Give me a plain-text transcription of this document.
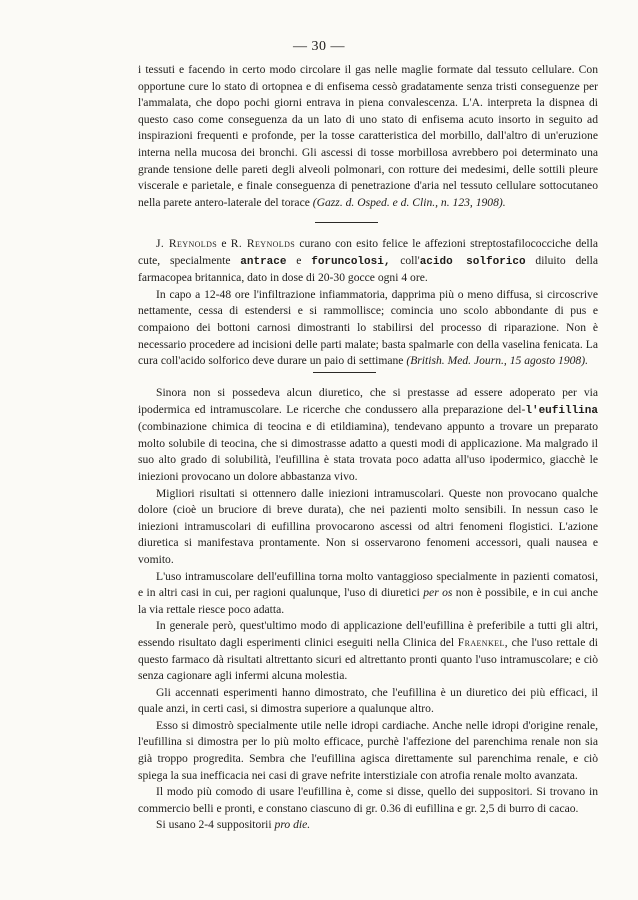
— 30 —

i tessuti e facendo in certo modo circolare il gas nelle maglie formate dal tessuto cellulare. Con opportune cure lo stato di ortopnea e di enfisema cessò gradatamente senza tristi conseguenze per l'ammalata, che dopo pochi giorni entrava in piena convalescenza. L'A. interpreta la dispnea di questo caso come conseguenza da un lato di uno stato di enfisema acuto insorto in seguito ad inspirazioni frequenti e profonde, per la tosse caratteristica del morbillo, dall'altro di un'eruzione interna nella mucosa dei bronchi. Gli ascessi di tosse morbillosa avrebbero poi determinato una grande tensione delle pareti degli alveoli polmonari, con rotture dei medesimi, delle sottili pleure viscerale e parietale, e finale conseguenza di penetrazione d'aria nel tessuto cellulare sottocutaneo nella parete antero-laterale del torace (Gazz. d. Osped. e d. Clin., n. 123, 1908).

J. Reynolds e R. Reynolds curano con esito felice le affezioni streptostafilococciche della cute, specialmente antrace e foruncolosi, coll'acido solforico diluito della farmacopea britannica, dato in dose di 20-30 gocce ogni 4 ore.

In capo a 12-48 ore l'infiltrazione infiammatoria, dapprima più o meno diffusa, si circoscrive nettamente, cessa di estendersi e si rammollisce; comincia uno scolo abbondante di pus e compaiono dei bottoni carnosi dimostranti lo stabilirsi del processo di riparazione. Non è necessario procedere ad incisioni delle parti malate; basta spalmarle con della vaselina fenicata. La cura coll'acido solforico deve durare un paio di settimane (British. Med. Journ., 15 agosto 1908).

Sinora non si possedeva alcun diuretico, che si prestasse ad essere adoperato per via ipodermica ed intramuscolare. Le ricerche che condussero alla preparazione del-l'eufillina (combinazione chimica di teocina e di etildiamina), tendevano appunto a trovare un preparato molto solubile di teocina, che si dimostrasse adatto a questi modi di applicazione. Ma malgrado il suo alto grado di solubilità, l'eufillina è stata trovata poco adatta all'uso ipodermico, giacchè le iniezioni provocano un dolore abbastanza vivo.

Migliori risultati si ottennero dalle iniezioni intramuscolari. Queste non provocano qualche dolore (cioè un bruciore di breve durata), che nei pazienti molto sensibili. In nessun caso le iniezioni intramuscolari di eufillina provocarono ascessi od altri fenomeni flogistici. L'azione diuretica si manifestava prontamente. Non si osservarono fenomeni accessori, quali nausea e vomito.

L'uso intramuscolare dell'eufillina torna molto vantaggioso specialmente in pazienti comatosi, e in altri casi in cui, per ragioni qualunque, l'uso di diuretici per os non è possibile, e in cui anche la via rettale riesce poco adatta.

In generale però, quest'ultimo modo di applicazione dell'eufillina è preferibile a tutti gli altri, essendo risultato dagli esperimenti clinici eseguiti nella Clinica del Fraenkel, che l'uso rettale di questo farmaco dà risultati altrettanto sicuri ed altrettanto pronti quanto l'uso intramuscolare; e ciò senza cagionare agli infermi alcuna molestia.

Gli accennati esperimenti hanno dimostrato, che l'eufillina è un diuretico dei più efficaci, il quale anzi, in certi casi, si dimostra superiore a qualunque altro.

Esso si dimostrò specialmente utile nelle idropi cardiache. Anche nelle idropi d'origine renale, l'eufillina si dimostra per lo più molto efficace, purchè l'affezione del parenchima renale non sia già troppo progredita. Sembra che l'eufillina agisca direttamente sul parenchima renale, e ciò spiega la sua inefficacia nei casi di grave nefrite interstiziale con atrofia renale molto avanzata.

Il modo più comodo di usare l'eufillina è, come si disse, quello dei suppositori. Si trovano in commercio belli e pronti, e constano ciascuno di gr. 0.36 di eufillina e gr. 2,5 di burro di cacao.

Si usano 2-4 suppositorii pro die.
